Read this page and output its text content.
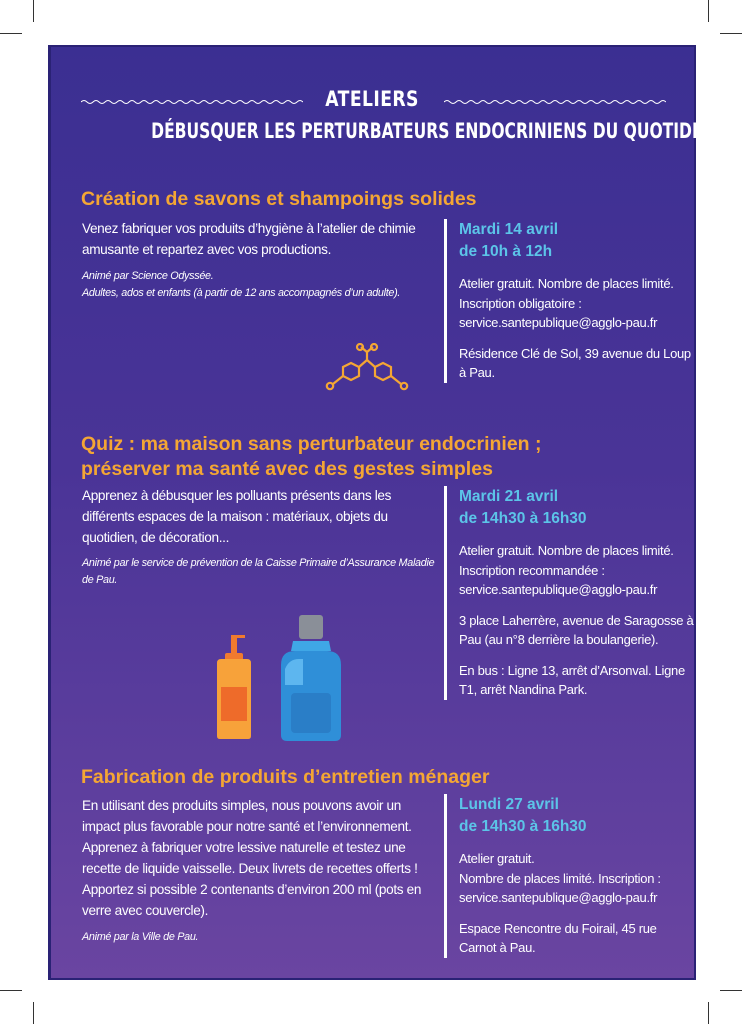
ATELIERS
DÉBUSQUER LES PERTURBATEURS ENDOCRINIENS DU QUOTIDIEN
Création de savons et shampoings solides
Venez fabriquer vos produits d’hygiène à l’atelier de chimie amusante et repartez avec vos productions.
Animé par Science Odyssée.
Adultes, ados et enfants (à partir de 12 ans accompagnés d’un adulte).

Mardi 14 avril

de 10h à 12h

Atelier gratuit. Nombre de places limité. Inscription obligatoire : service.santepublique@agglo-pau.fr

Résidence Clé de Sol, 39 avenue du Loup à Pau.

Quiz : ma maison sans perturbateur endocrinien ;
préserver ma santé avec des gestes simples
Apprenez à débusquer les polluants présents dans les différents espaces de la maison : matériaux, objets du quotidien, de décoration...
Animé par le service de prévention de la Caisse Primaire d’Assurance Maladie de Pau.

Mardi 21 avril

de 14h30 à 16h30

Atelier gratuit. Nombre de places limité. Inscription recommandée : service.santepublique@agglo-pau.fr

3 place Laherrère, avenue de Saragosse à Pau (au n°8 derrière la boulangerie).

En bus : Ligne 13, arrêt d’Arsonval. Ligne T1, arrêt Nandina Park.

Fabrication de produits d’entretien ménager
En utilisant des produits simples, nous pouvons avoir un impact plus favorable pour notre santé et l’environnement. Apprenez à fabriquer votre lessive naturelle et testez une recette de liquide vaisselle. Deux livrets de recettes offerts ! Apportez si possible 2 contenants d’environ 200 ml (pots en verre avec couvercle).
Animé par la Ville de Pau.

Lundi 27 avril

de 14h30 à 16h30

Atelier gratuit.

Nombre de places limité. Inscription : service.santepublique@agglo-pau.fr

Espace Rencontre du Foirail, 45 rue Carnot à Pau.
